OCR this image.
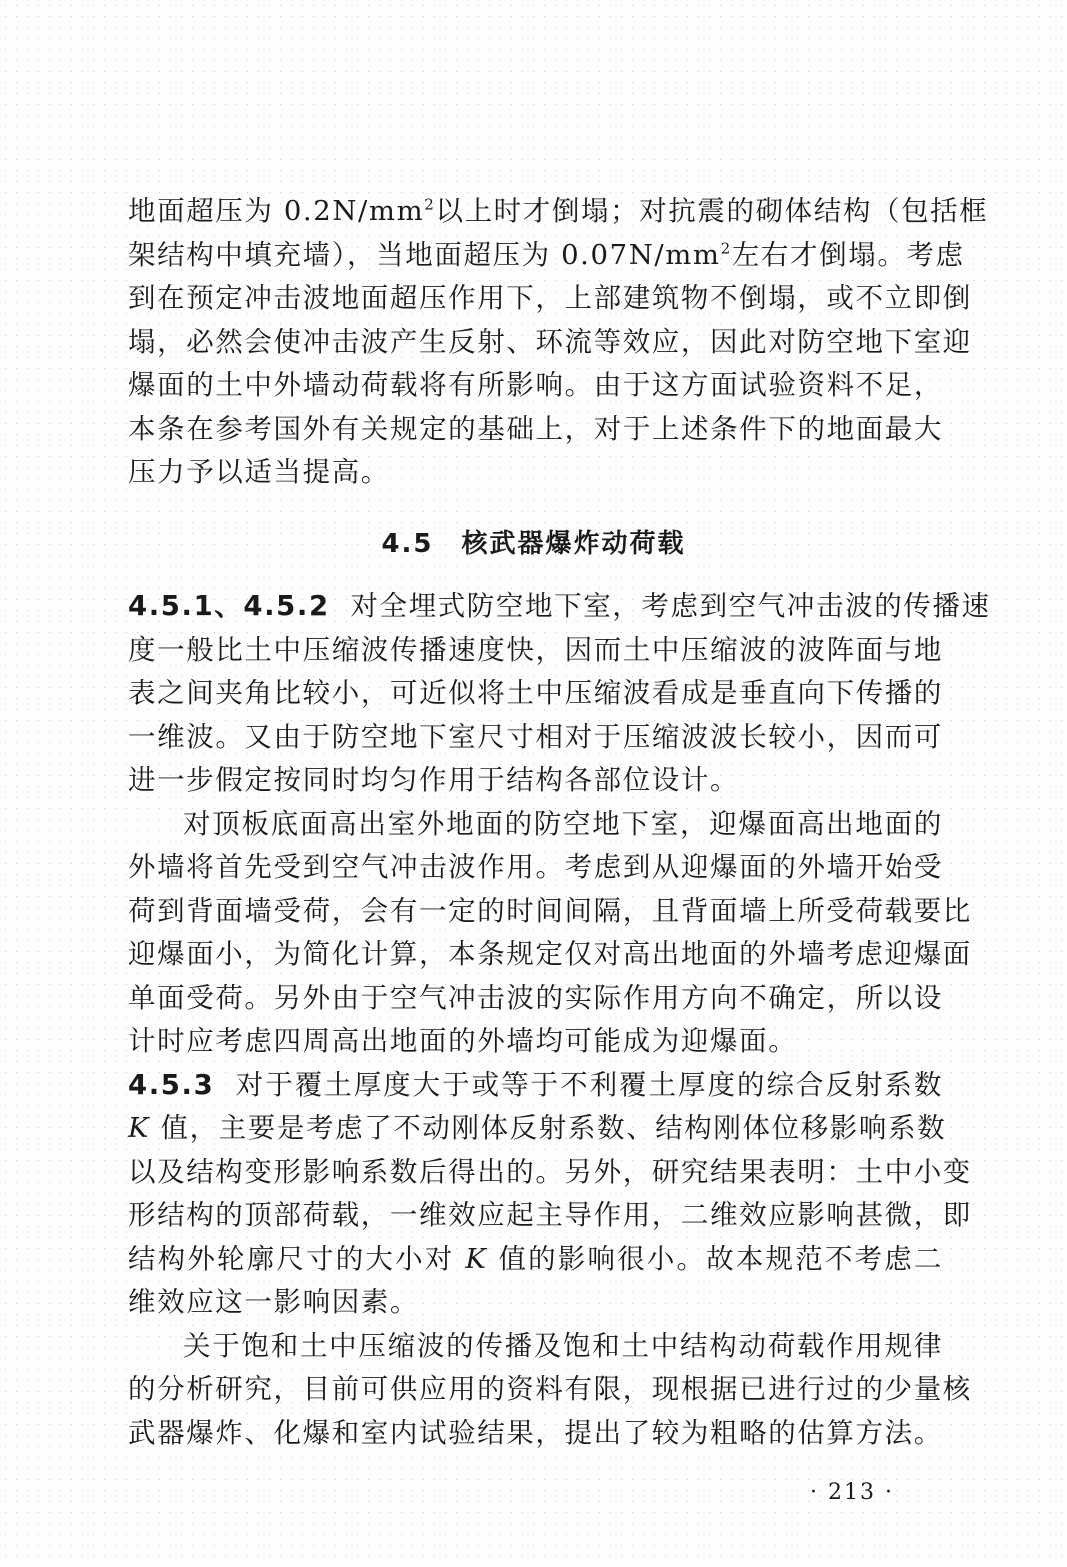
地面超压为 $0.2N/mm^2$以上时才倒塌；对抗震的砌体结构（包括框
架结构中填充墙），当地面超压为 $0.07N/mm^2$左右才倒塌。考虑
到在预定冲击波地面超压作用下，上部建筑物不倒塌，或不立即倒
塌，必然会使冲击波产生反射、环流等效应，因此对防空地下室迎
爆面的土中外墙动荷载将有所影响。由于这方面试验资料不足，
本条在参考国外有关规定的基础上，对于上述条件下的地面最大
压力予以适当提高。
4.5 核武器爆炸动荷载
4.5.1、4.5.2 对全埋式防空地下室，考虑到空气冲击波的传播速
度一般比土中压缩波传播速度快，因而土中压缩波的波阵面与地
表之间夹角比较小，可近似将土中压缩波看成是垂直向下传播的
一维波。又由于防空地下室尺寸相对于压缩波波长较小，因而可
进一步假定按同时均匀作用于结构各部位设计。
对顶板底面高出室外地面的防空地下室，迎爆面高出地面的
外墙将首先受到空气冲击波作用。考虑到从迎爆面的外墙开始受
荷到背面墙受荷，会有一定的时间间隔，且背面墙上所受荷载要比
迎爆面小，为简化计算，本条规定仅对高出地面的外墙考虑迎爆面
单面受荷。另外由于空气冲击波的实际作用方向不确定，所以设
计时应考虑四周高出地面的外墙均可能成为迎爆面。
4.5.3 对于覆土厚度大于或等于不利覆土厚度的综合反射系数
K 值，主要是考虑了不动刚体反射系数、结构刚体位移影响系数
以及结构变形影响系数后得出的。另外，研究结果表明：土中小变
形结构的顶部荷载，一维效应起主导作用，二维效应影响甚微，即
结构外轮廓尺寸的大小对 K 值的影响很小。故本规范不考虑二
维效应这一影响因素。
关于饱和土中压缩波的传播及饱和土中结构动荷载作用规律
的分析研究，目前可供应用的资料有限，现根据已进行过的少量核
武器爆炸、化爆和室内试验结果，提出了较为粗略的估算方法。
· 213 ·
